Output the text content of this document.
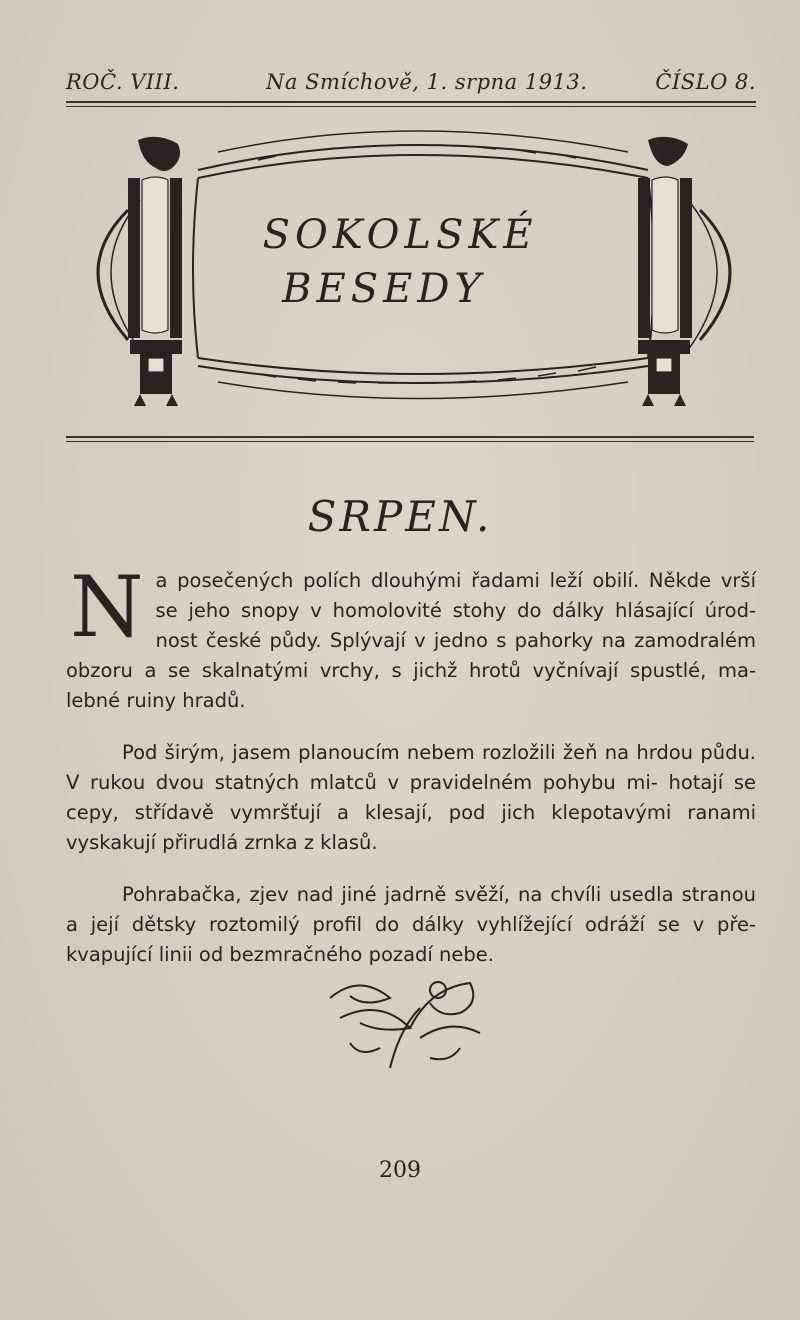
ROČ. VIII.	Na Smíchově, 1. srpna 1913.	ČÍSLO 8.
SOKOLSKÉ
BESEDY
SRPEN.

Na posečených polích dlouhými řadami leží obilí. Někde vrší se jeho snopy v homolovité stohy do dálky hlásající úrod- nost české půdy. Splývají v jedno s pahorky na zamodralém obzoru a se skalnatými vrchy, s jichž hrotů vyčnívají spustlé, ma- lebné ruiny hradů.

Pod širým, jasem planoucím nebem rozložili žeň na hrdou půdu. V rukou dvou statných mlatců v pravidelném pohybu mi- hotají se cepy, střídavě vymršťují a klesají, pod jich klepotavými ranami vyskakují přirudlá zrnka z klasů.

Pohrabačka, zjev nad jiné jadrně svěží, na chvíli usedla stranou a její dětsky roztomilý profil do dálky vyhlížející odráží se v pře- kvapující linii od bezmračného pozadí nebe.

209
